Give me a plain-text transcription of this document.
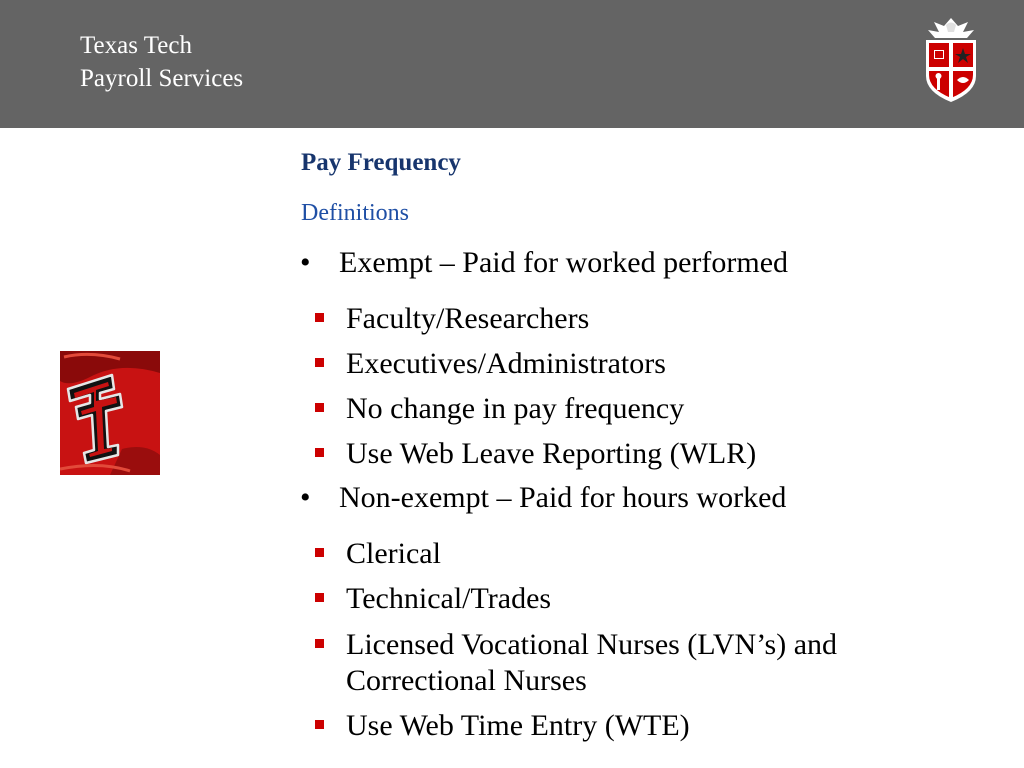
Texas Tech
Payroll Services
Pay Frequency
Definitions
• Exempt – Paid for worked performed
Faculty/Researchers
Executives/Administrators
No change in pay frequency
Use Web Leave Reporting (WLR)
• Non-exempt – Paid for hours worked
Clerical
Technical/Trades
Licensed Vocational Nurses (LVN’s) and Correctional Nurses
Use Web Time Entry (WTE)
